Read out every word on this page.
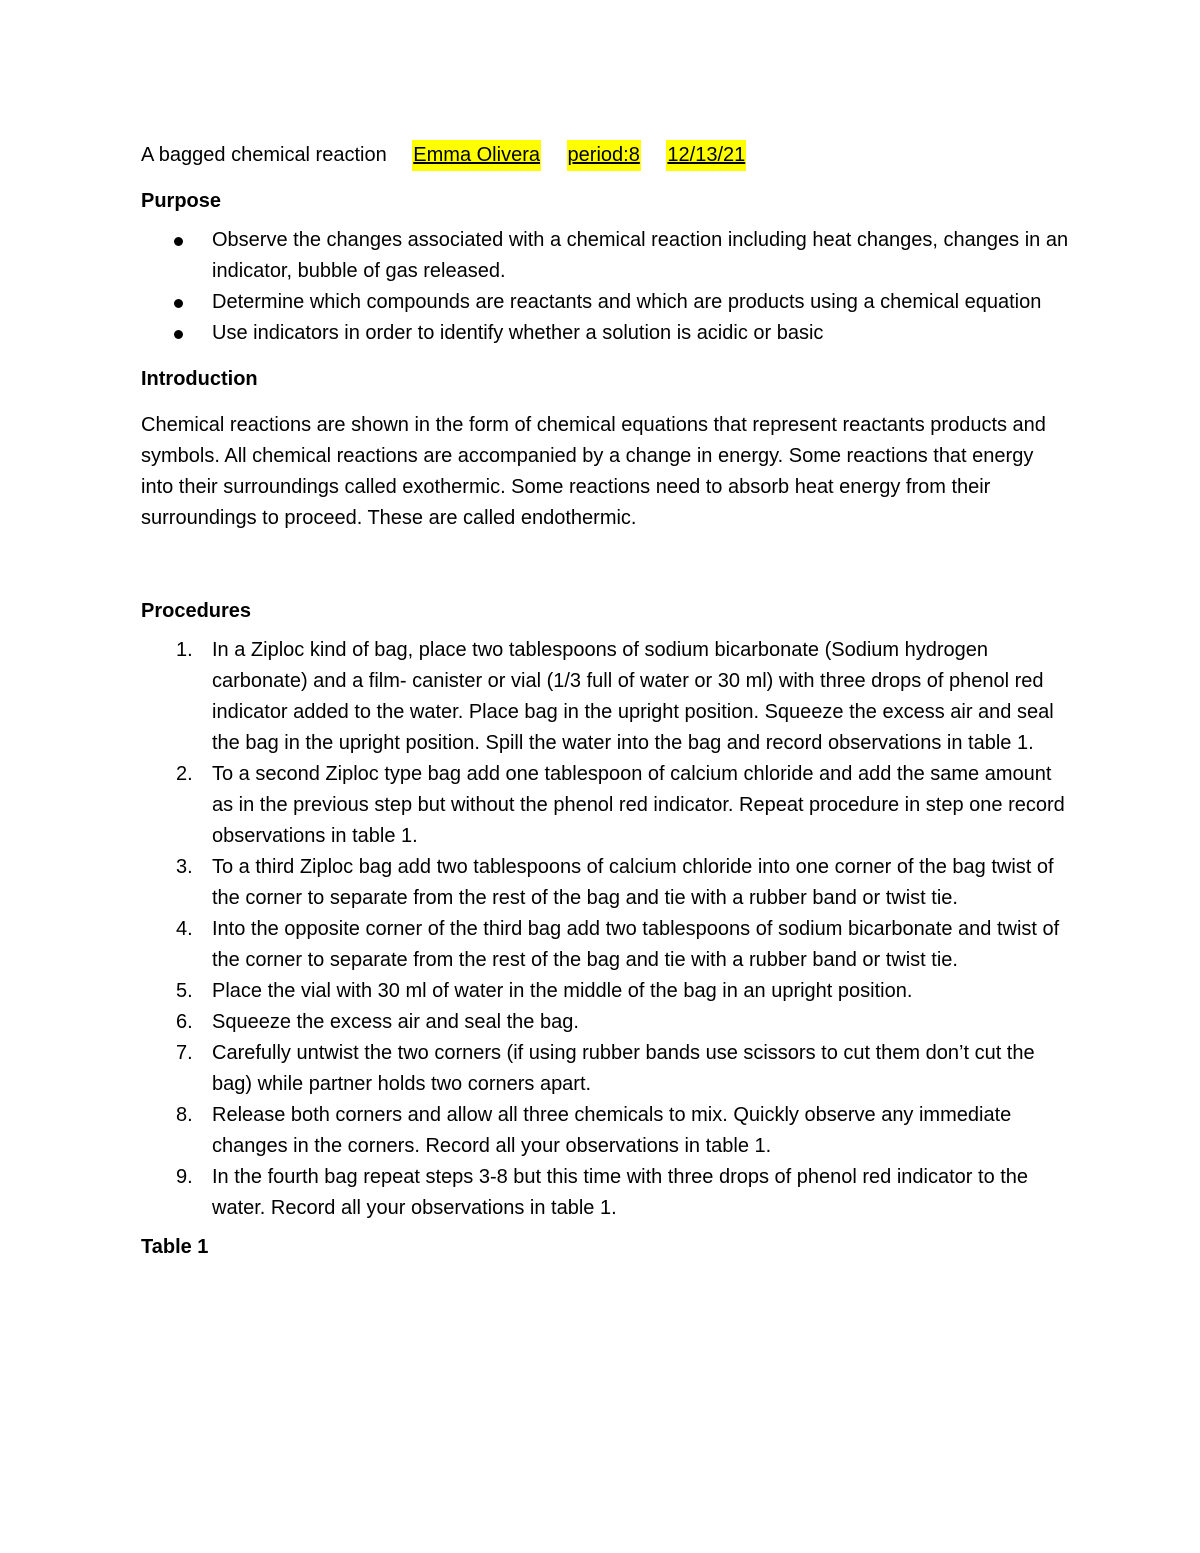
A bagged chemical reaction Emma Olivera period:8 12/13/21
Purpose
Observe the changes associated with a chemical reaction including heat changes, changes in an indicator, bubble of gas released.
Determine which compounds are reactants and which are products using a chemical equation
Use indicators in order to identify whether a solution is acidic or basic
Introduction
Chemical reactions are shown in the form of chemical equations that represent reactants products and symbols. All chemical reactions are accompanied by a change in energy. Some reactions that energy into their surroundings called exothermic. Some reactions need to absorb heat energy from their surroundings to proceed. These are called endothermic.
Procedures
1. In a Ziploc kind of bag, place two tablespoons of sodium bicarbonate (Sodium hydrogen carbonate) and a film- canister or vial (1/3 full of water or 30 ml) with three drops of phenol red indicator added to the water. Place bag in the upright position. Squeeze the excess air and seal the bag in the upright position. Spill the water into the bag and record observations in table 1.
2. To a second Ziploc type bag add one tablespoon of calcium chloride and add the same amount as in the previous step but without the phenol red indicator. Repeat procedure in step one record observations in table 1.
3. To a third Ziploc bag add two tablespoons of calcium chloride into one corner of the bag twist of the corner to separate from the rest of the bag and tie with a rubber band or twist tie.
4. Into the opposite corner of the third bag add two tablespoons of sodium bicarbonate and twist of the corner to separate from the rest of the bag and tie with a rubber band or twist tie.
5. Place the vial with 30 ml of water in the middle of the bag in an upright position.
6. Squeeze the excess air and seal the bag.
7. Carefully untwist the two corners (if using rubber bands use scissors to cut them don’t cut the bag) while partner holds two corners apart.
8. Release both corners and allow all three chemicals to mix. Quickly observe any immediate changes in the corners. Record all your observations in table 1.
9. In the fourth bag repeat steps 3-8 but this time with three drops of phenol red indicator to the water. Record all your observations in table 1.
Table 1
